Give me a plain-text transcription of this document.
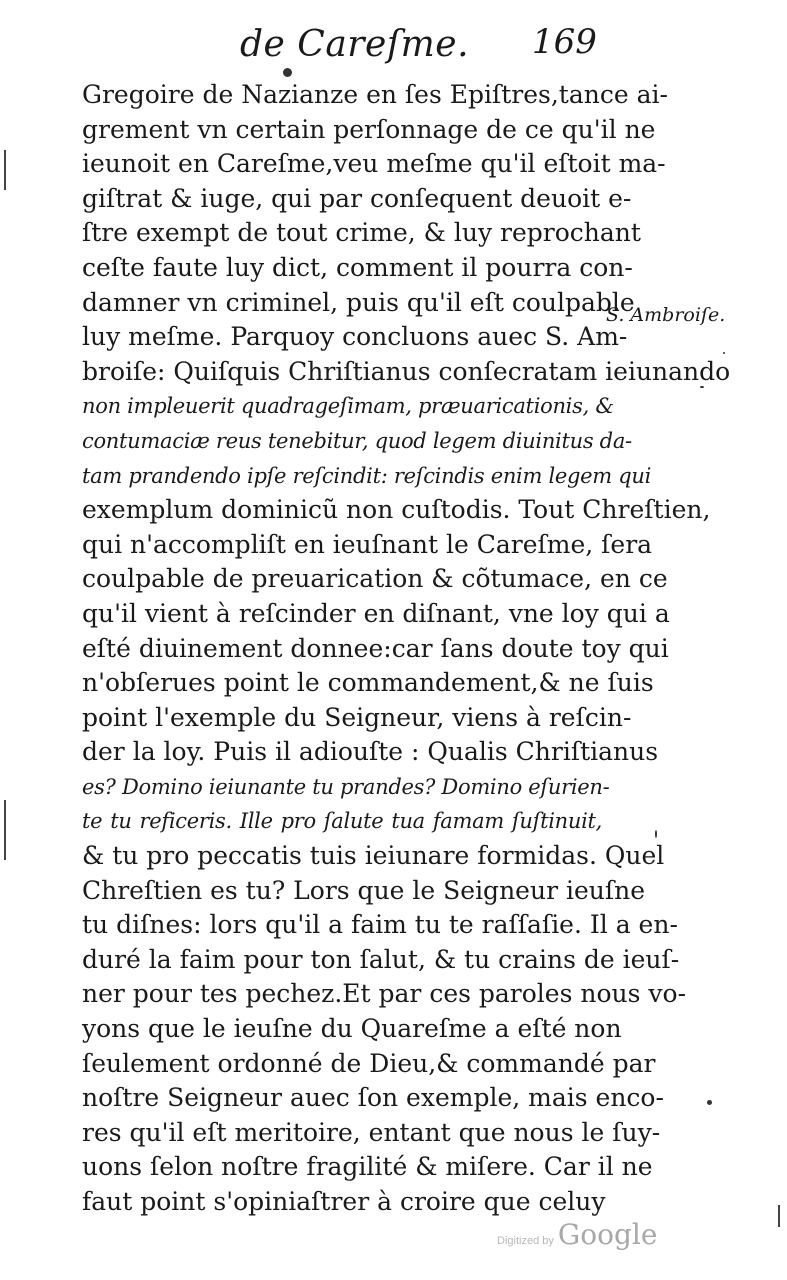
de Careſme. 169
S. Ambroiſe.
Gregoire de Nazianze en ſes Epiſtres,tance ai-
grement vn certain perſonnage de ce qu'il ne
ieunoit en Careſme,veu meſme qu'il eſtoit ma-
giſtrat & iuge, qui par conſequent deuoit e-
ſtre exempt de tout crime, & luy reprochant
ceſte faute luy dict, comment il pourra con-
damner vn criminel, puis qu'il eſt coulpable
luy meſme. Parquoy concluons auec S. Am-
broiſe: Quiſquis Chriſtianus conſecratam ieiunando
non impleuerit quadrageſimam, præuaricationis, &
contumaciæ reus tenebitur, quod legem diuinitus da-
tam prandendo ipſe reſcindit: reſcindis enim legem qui
exemplum dominicũ non cuſtodis. Tout Chreſtien,
qui n'accompliſt en ieuſnant le Careſme, ſera
coulpable de preuarication & cõtumace, en ce
qu'il vient à reſcinder en diſnant, vne loy qui a
eſté diuinement donnee:car ſans doute toy qui
n'obſerues point le commandement,& ne ſuis
point l'exemple du Seigneur, viens à reſcin-
der la loy. Puis il adiouſte : Qualis Chriſtianus
es? Domino ieiunante tu prandes? Domino eſurien-
te tu reficeris. Ille pro ſalute tua famam ſuſtinuit,
& tu pro peccatis tuis ieiunare formidas. Quel
Chreſtien es tu? Lors que le Seigneur ieuſne
tu diſnes: lors qu'il a faim tu te raſſaſie. Il a en-
duré la faim pour ton ſalut, & tu crains de ieuſ-
ner pour tes pechez.Et par ces paroles nous vo-
yons que le ieuſne du Quareſme a eſté non
ſeulement ordonné de Dieu,& commandé par
noſtre Seigneur auec ſon exemple, mais enco-
res qu'il eſt meritoire, entant que nous le ſuy-
uons ſelon noſtre fragilité & miſere. Car il ne
faut point s'opiniaſtrer à croire que celuy
Digitized by Google
